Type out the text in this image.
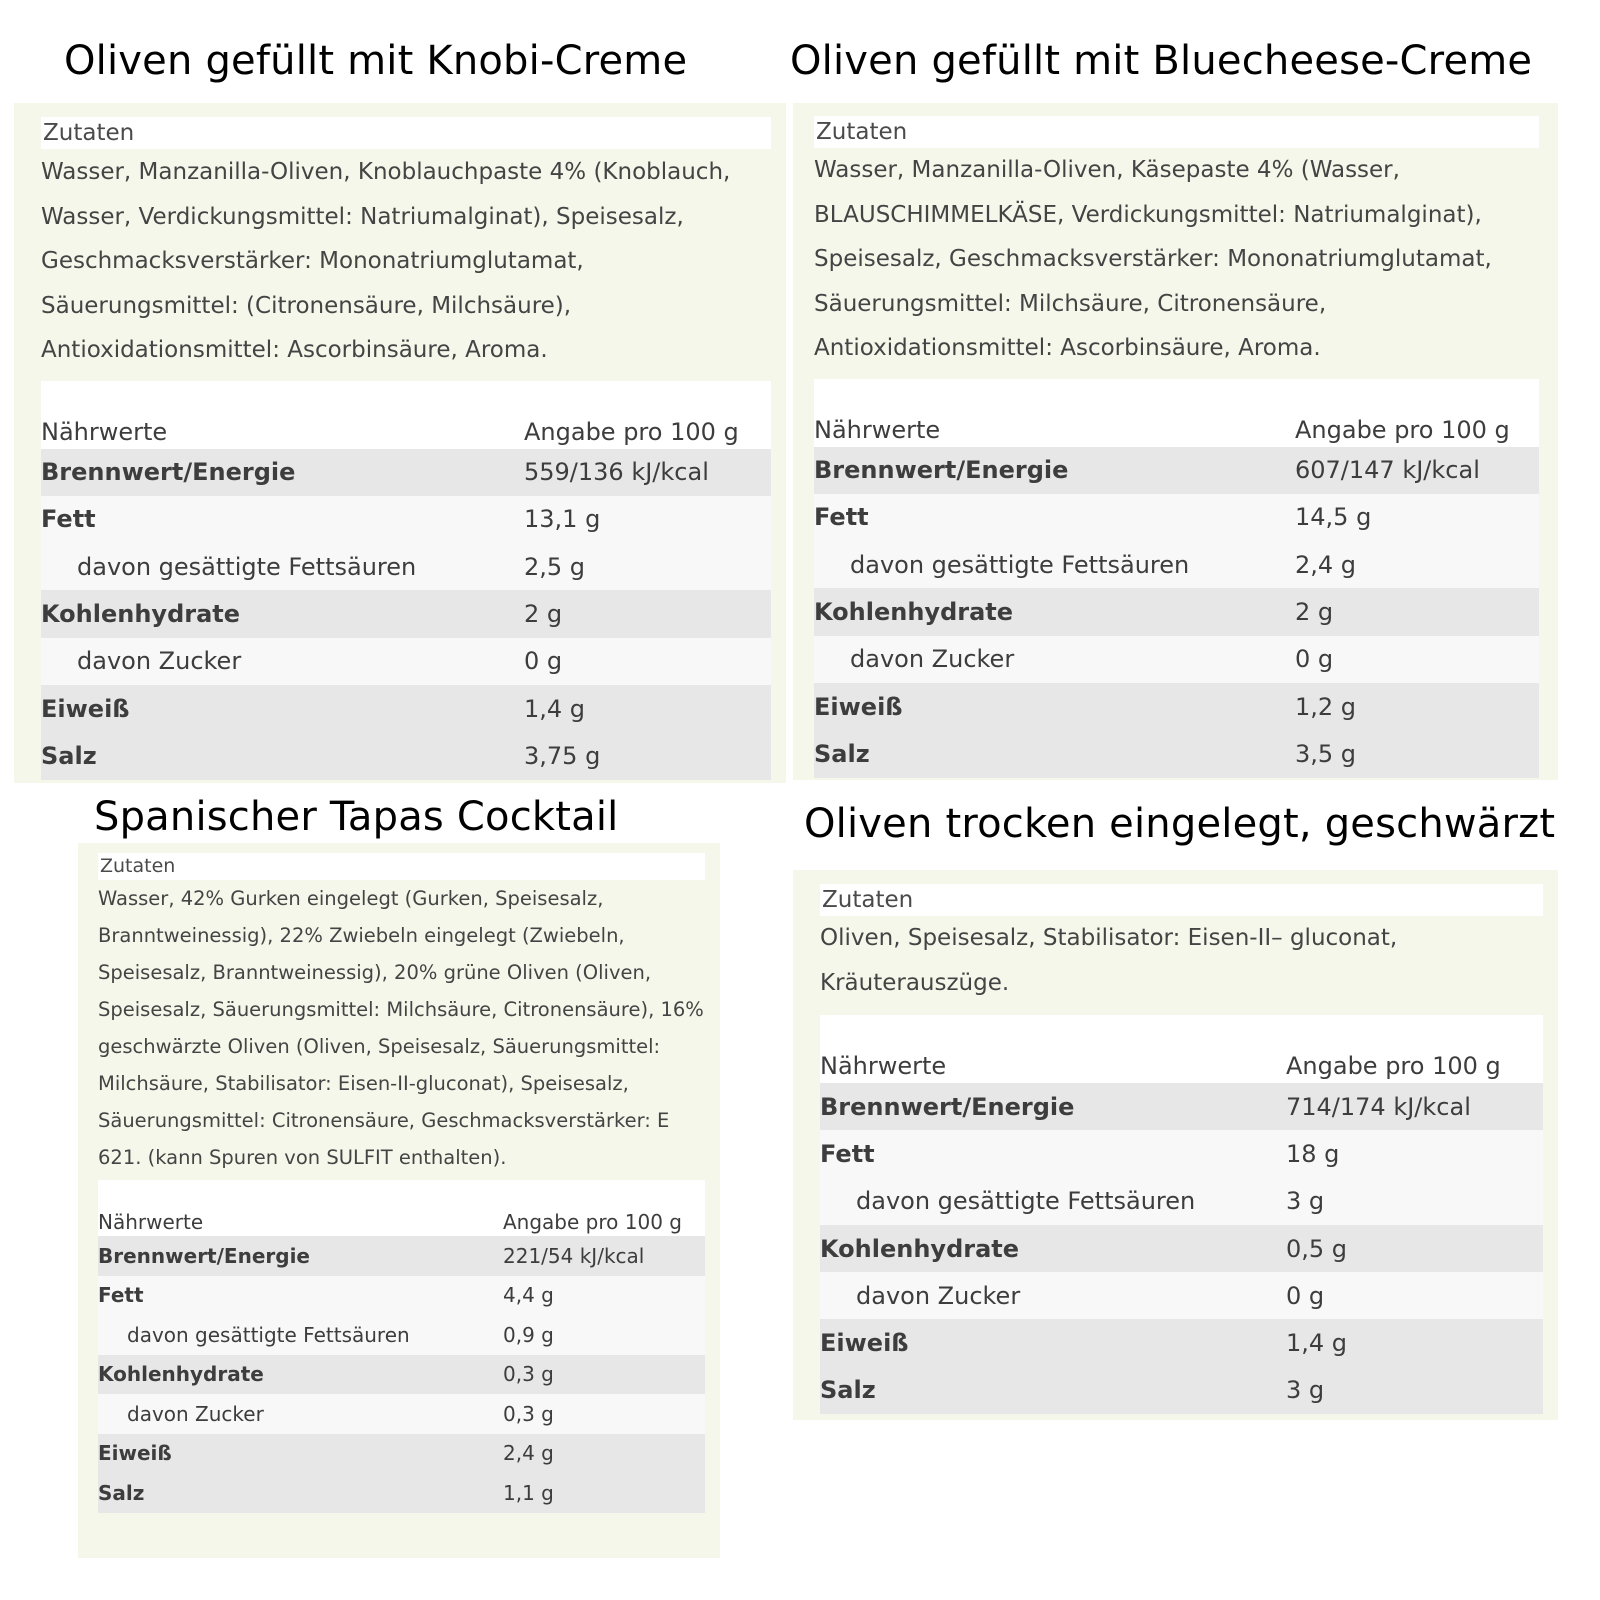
Oliven gefüllt mit Knobi-Creme	Oliven gefüllt mit Bluecheese-Creme
Spanischer Tapas Cocktail	Oliven trocken eingelegt, geschwärzt
Zutaten
Wasser, Manzanilla-Oliven, Knoblauchpaste 4% (Knoblauch, Wasser, Verdickungsmittel: Natriumalginat), Speisesalz, Geschmacksverstärker: Mononatriumglutamat, Säuerungsmittel: (Citronensäure, Milchsäure), Antioxidationsmittel: Ascorbinsäure, Aroma.
Nährwerte	Angabe pro 100 g
Brennwert/Energie	559/136 kJ/kcal
Fett	13,1 g
davon gesättigte Fettsäuren	2,5 g
Kohlenhydrate	2 g
davon Zucker	0 g
Eiweiß	1,4 g
Salz	3,75 g
Zutaten
Wasser, Manzanilla-Oliven, Käsepaste 4% (Wasser, BLAUSCHIMMELKÄSE, Verdickungsmittel: Natriumalginat), Speisesalz, Geschmacksverstärker: Mononatriumglutamat, Säuerungsmittel: Milchsäure, Citronensäure, Antioxidationsmittel: Ascorbinsäure, Aroma.
Nährwerte	Angabe pro 100 g
Brennwert/Energie	607/147 kJ/kcal
Fett	14,5 g
davon gesättigte Fettsäuren	2,4 g
Kohlenhydrate	2 g
davon Zucker	0 g
Eiweiß	1,2 g
Salz	3,5 g
Zutaten
Wasser, 42% Gurken eingelegt (Gurken, Speisesalz, Branntweinessig), 22% Zwiebeln eingelegt (Zwiebeln, Speisesalz, Branntweinessig), 20% grüne Oliven (Oliven, Speisesalz, Säuerungsmittel: Milchsäure, Citronensäure), 16% geschwärzte Oliven (Oliven, Speisesalz, Säuerungsmittel: Milchsäure, Stabilisator: Eisen-II-gluconat), Speisesalz, Säuerungsmittel: Citronensäure, Geschmacksverstärker: E 621. (kann Spuren von SULFIT enthalten).
Nährwerte	Angabe pro 100 g
Brennwert/Energie	221/54 kJ/kcal
Fett	4,4 g
davon gesättigte Fettsäuren	0,9 g
Kohlenhydrate	0,3 g
davon Zucker	0,3 g
Eiweiß	2,4 g
Salz	1,1 g
Zutaten
Oliven, Speisesalz, Stabilisator: Eisen-II– gluconat, Kräuterauszüge.
Nährwerte	Angabe pro 100 g
Brennwert/Energie	714/174 kJ/kcal
Fett	18 g
davon gesättigte Fettsäuren	3 g
Kohlenhydrate	0,5 g
davon Zucker	0 g
Eiweiß	1,4 g
Salz	3 g
